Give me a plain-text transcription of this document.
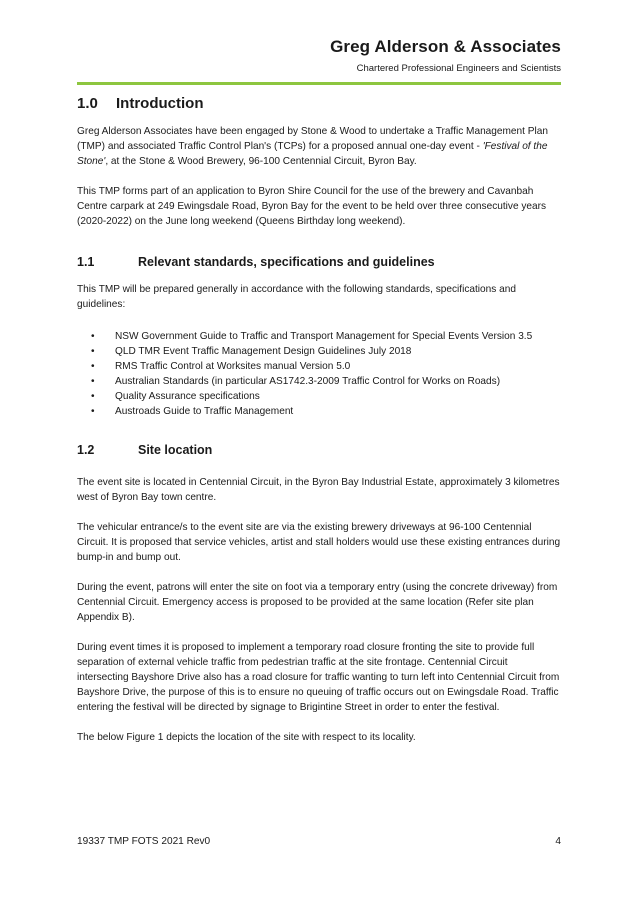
Greg Alderson & Associates
Chartered Professional Engineers and Scientists
1.0	Introduction

Greg Alderson Associates have been engaged by Stone & Wood to undertake a Traffic Management Plan (TMP) and associated Traffic Control Plan's (TCPs) for a proposed annual one-day event - 'Festival of the Stone', at the Stone & Wood Brewery, 96-100 Centennial Circuit, Byron Bay.

This TMP forms part of an application to Byron Shire Council for the use of the brewery and Cavanbah Centre carpark at 249 Ewingsdale Road, Byron Bay for the event to be held over three consecutive years (2020-2022) on the June long weekend (Queens Birthday long weekend).

1.1	Relevant standards, specifications and guidelines

This TMP will be prepared generally in accordance with the following standards, specifications and guidelines:

• NSW Government Guide to Traffic and Transport Management for Special Events Version 3.5
• QLD TMR Event Traffic Management Design Guidelines July 2018
• RMS Traffic Control at Worksites manual Version 5.0
• Australian Standards (in particular AS1742.3-2009 Traffic Control for Works on Roads)
• Quality Assurance specifications
• Austroads Guide to Traffic Management
1.2	Site location

The event site is located in Centennial Circuit, in the Byron Bay Industrial Estate, approximately 3 kilometres west of Byron Bay town centre.

The vehicular entrance/s to the event site are via the existing brewery driveways at 96-100 Centennial Circuit. It is proposed that service vehicles, artist and stall holders would use these existing entrances during bump-in and bump out.

During the event, patrons will enter the site on foot via a temporary entry (using the concrete driveway) from Centennial Circuit. Emergency access is proposed to be provided at the same location (Refer site plan Appendix B).

During event times it is proposed to implement a temporary road closure fronting the site to provide full separation of external vehicle traffic from pedestrian traffic at the site frontage. Centennial Circuit intersecting Bayshore Drive also has a road closure for traffic wanting to turn left into Centennial Circuit from Bayshore Drive, the purpose of this is to ensure no queuing of traffic occurs out on Ewingsdale Road. Traffic entering the festival will be directed by signage to Brigintine Street in order to enter the festival.

The below Figure 1 depicts the location of the site with respect to its locality.

19337 TMP FOTS 2021 Rev0	4
